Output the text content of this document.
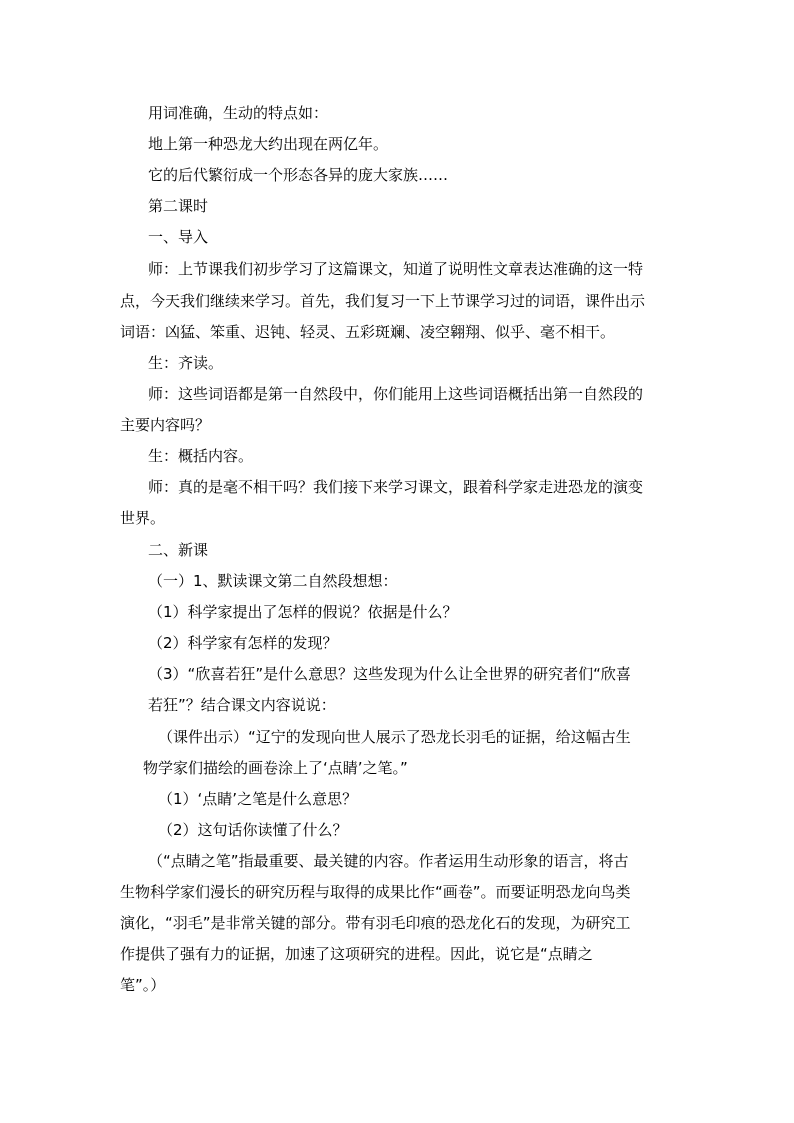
用词准确，生动的特点如：
地上第一种恐龙大约出现在两亿年。
它的后代繁衍成一个形态各异的庞大家族……
第二课时
一、导入
师：上节课我们初步学习了这篇课文，知道了说明性文章表达准确的这一特
点，今天我们继续来学习。首先，我们复习一下上节课学习过的词语，课件出示
词语：凶猛、笨重、迟钝、轻灵、五彩斑斓、凌空翱翔、似乎、毫不相干。
生：齐读。
师：这些词语都是第一自然段中，你们能用上这些词语概括出第一自然段的
主要内容吗？
生：概括内容。
师：真的是毫不相干吗？我们接下来学习课文，跟着科学家走进恐龙的演变
世界。
二、新课
（一）1、默读课文第二自然段想想：
（1）科学家提出了怎样的假说？依据是什么？
（2）科学家有怎样的发现？
（3）“欣喜若狂”是什么意思？这些发现为什么让全世界的研究者们“欣喜
若狂”？结合课文内容说说：
（课件出示）“辽宁的发现向世人展示了恐龙长羽毛的证据，给这幅古生
物学家们描绘的画卷涂上了‘点睛’之笔。”
（1）‘点睛’之笔是什么意思？
（2）这句话你读懂了什么？
（“点睛之笔”指最重要、最关键的内容。作者运用生动形象的语言，将古
生物科学家们漫长的研究历程与取得的成果比作“画卷”。而要证明恐龙向鸟类
演化，“羽毛”是非常关键的部分。带有羽毛印痕的恐龙化石的发现，为研究工
作提供了强有力的证据，加速了这项研究的进程。因此，说它是“点睛之
笔”。）
